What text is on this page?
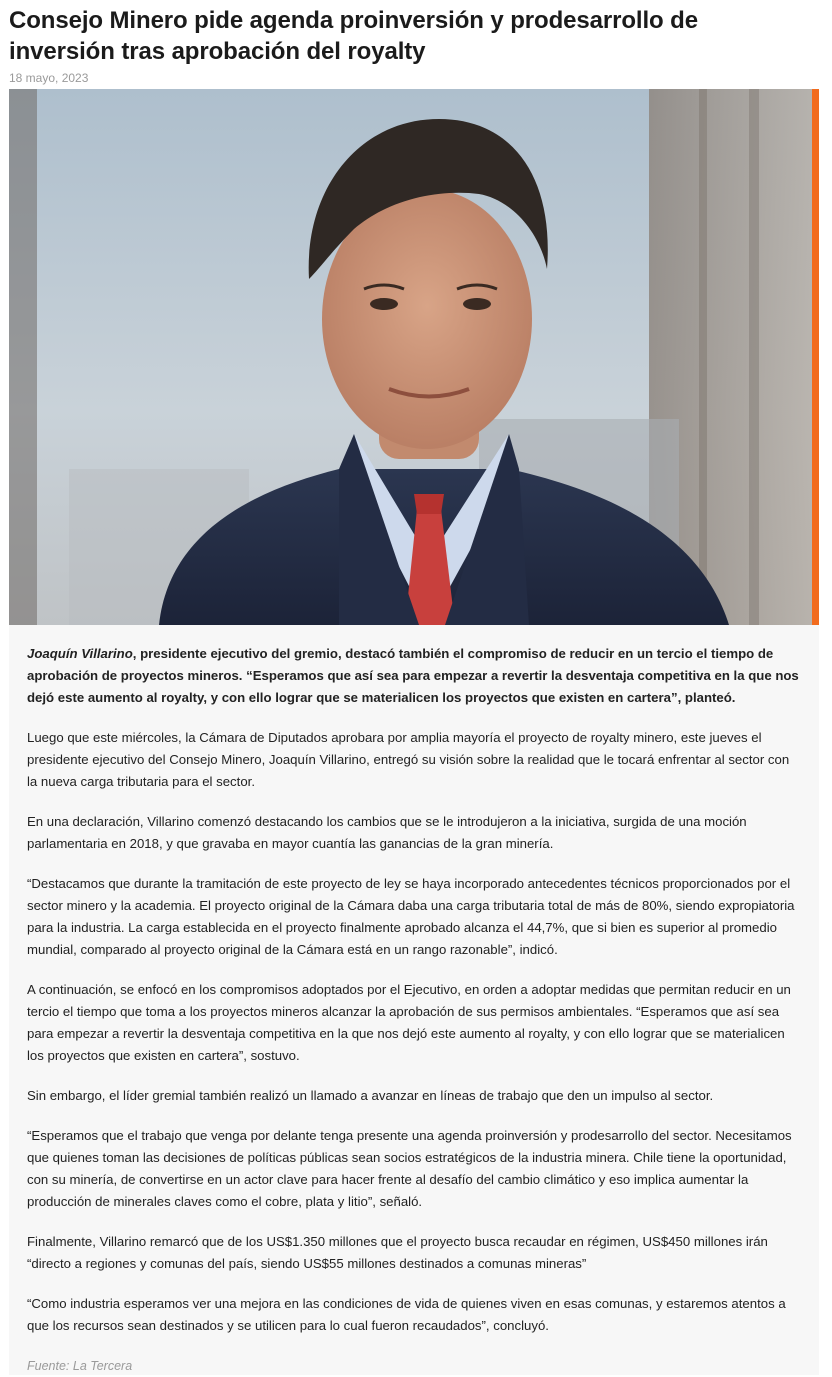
Consejo Minero pide agenda proinversión y prodesarrollo de inversión tras aprobación del royalty
18 mayo, 2023

Joaquín Villarino, presidente ejecutivo del gremio, destacó también el compromiso de reducir en un tercio el tiempo de aprobación de proyectos mineros. “Esperamos que así sea para empezar a revertir la desventaja competitiva en la que nos dejó este aumento al royalty, y con ello lograr que se materialicen los proyectos que existen en cartera”, planteó.

Luego que este miércoles, la Cámara de Diputados aprobara por amplia mayoría el proyecto de royalty minero, este jueves el presidente ejecutivo del Consejo Minero, Joaquín Villarino, entregó su visión sobre la realidad que le tocará enfrentar al sector con la nueva carga tributaria para el sector.

En una declaración, Villarino comenzó destacando los cambios que se le introdujeron a la iniciativa, surgida de una moción parlamentaria en 2018, y que gravaba en mayor cuantía las ganancias de la gran minería.

“Destacamos que durante la tramitación de este proyecto de ley se haya incorporado antecedentes técnicos proporcionados por el sector minero y la academia. El proyecto original de la Cámara daba una carga tributaria total de más de 80%, siendo expropiatoria para la industria. La carga establecida en el proyecto finalmente aprobado alcanza el 44,7%, que si bien es superior al promedio mundial, comparado al proyecto original de la Cámara está en un rango razonable”, indicó.

A continuación, se enfocó en los compromisos adoptados por el Ejecutivo, en orden a adoptar medidas que permitan reducir en un tercio el tiempo que toma a los proyectos mineros alcanzar la aprobación de sus permisos ambientales. “Esperamos que así sea para empezar a revertir la desventaja competitiva en la que nos dejó este aumento al royalty, y con ello lograr que se materialicen los proyectos que existen en cartera”, sostuvo.

Sin embargo, el líder gremial también realizó un llamado a avanzar en líneas de trabajo que den un impulso al sector.

“Esperamos que el trabajo que venga por delante tenga presente una agenda proinversión y prodesarrollo del sector. Necesitamos que quienes toman las decisiones de políticas públicas sean socios estratégicos de la industria minera. Chile tiene la oportunidad, con su minería, de convertirse en un actor clave para hacer frente al desafío del cambio climático y eso implica aumentar la producción de minerales claves como el cobre, plata y litio”, señaló.

Finalmente, Villarino remarcó que de los US$1.350 millones que el proyecto busca recaudar en régimen, US$450 millones irán “directo a regiones y comunas del país, siendo US$55 millones destinados a comunas mineras”

“Como industria esperamos ver una mejora en las condiciones de vida de quienes viven en esas comunas, y estaremos atentos a que los recursos sean destinados y se utilicen para lo cual fueron recaudados”, concluyó.

Fuente: La Tercera
